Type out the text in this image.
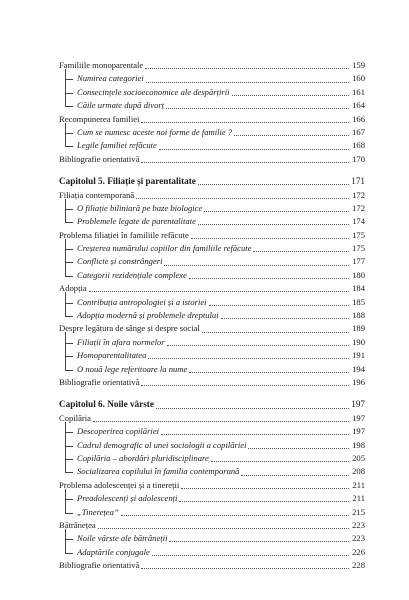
Familiile monoparentale	159
Numirea categoriei	160
Consecințele socioeconomice ale despărțirii	161
Căile urmate după divorț	164
Recompunerea familiei	166
Cum se numesc aceste noi forme de familie ?	167
Legile familiei refăcute	168
Bibliografie orientativă	170
Capitolul 5. Filiație și parentalitate	171
Filiația contemporană	172
O filiație biliniară pe baze biologice	172
Problemele legate de parentalitate	174
Problema filiației în familiile refăcute	175
Creșterea numărului copiilor din familiile refăcute	175
Conflicte și constrângeri	177
Categorii rezidențiale complexe	180
Adopția	184
Contribuția antropologiei și a istoriei	185
Adopția modernă și problemele dreptului	188
Despre legătura de sânge și despre social	189
Filiații în afara normelor	190
Homoparentalitatea	191
O nouă lege referitoare la nume	194
Bibliografie orientativă	196
Capitolul 6. Noile vârste	197
Copilăria	197
Descoperirea copilăriei	197
Cadrul demografic al unei sociologii a copilăriei	198
Copilăria – abordări pluridisciplinare	205
Socializarea copilului în familia contemporană	208
Problema adolescenței și a tinereții	211
Preadolescenți și adolescenți	211
„Tinerețea”	215
Bătrânețea	223
Noile vârste ale bătrâneții	223
Adaptările conjugale	226
Bibliografie orientativă	228
